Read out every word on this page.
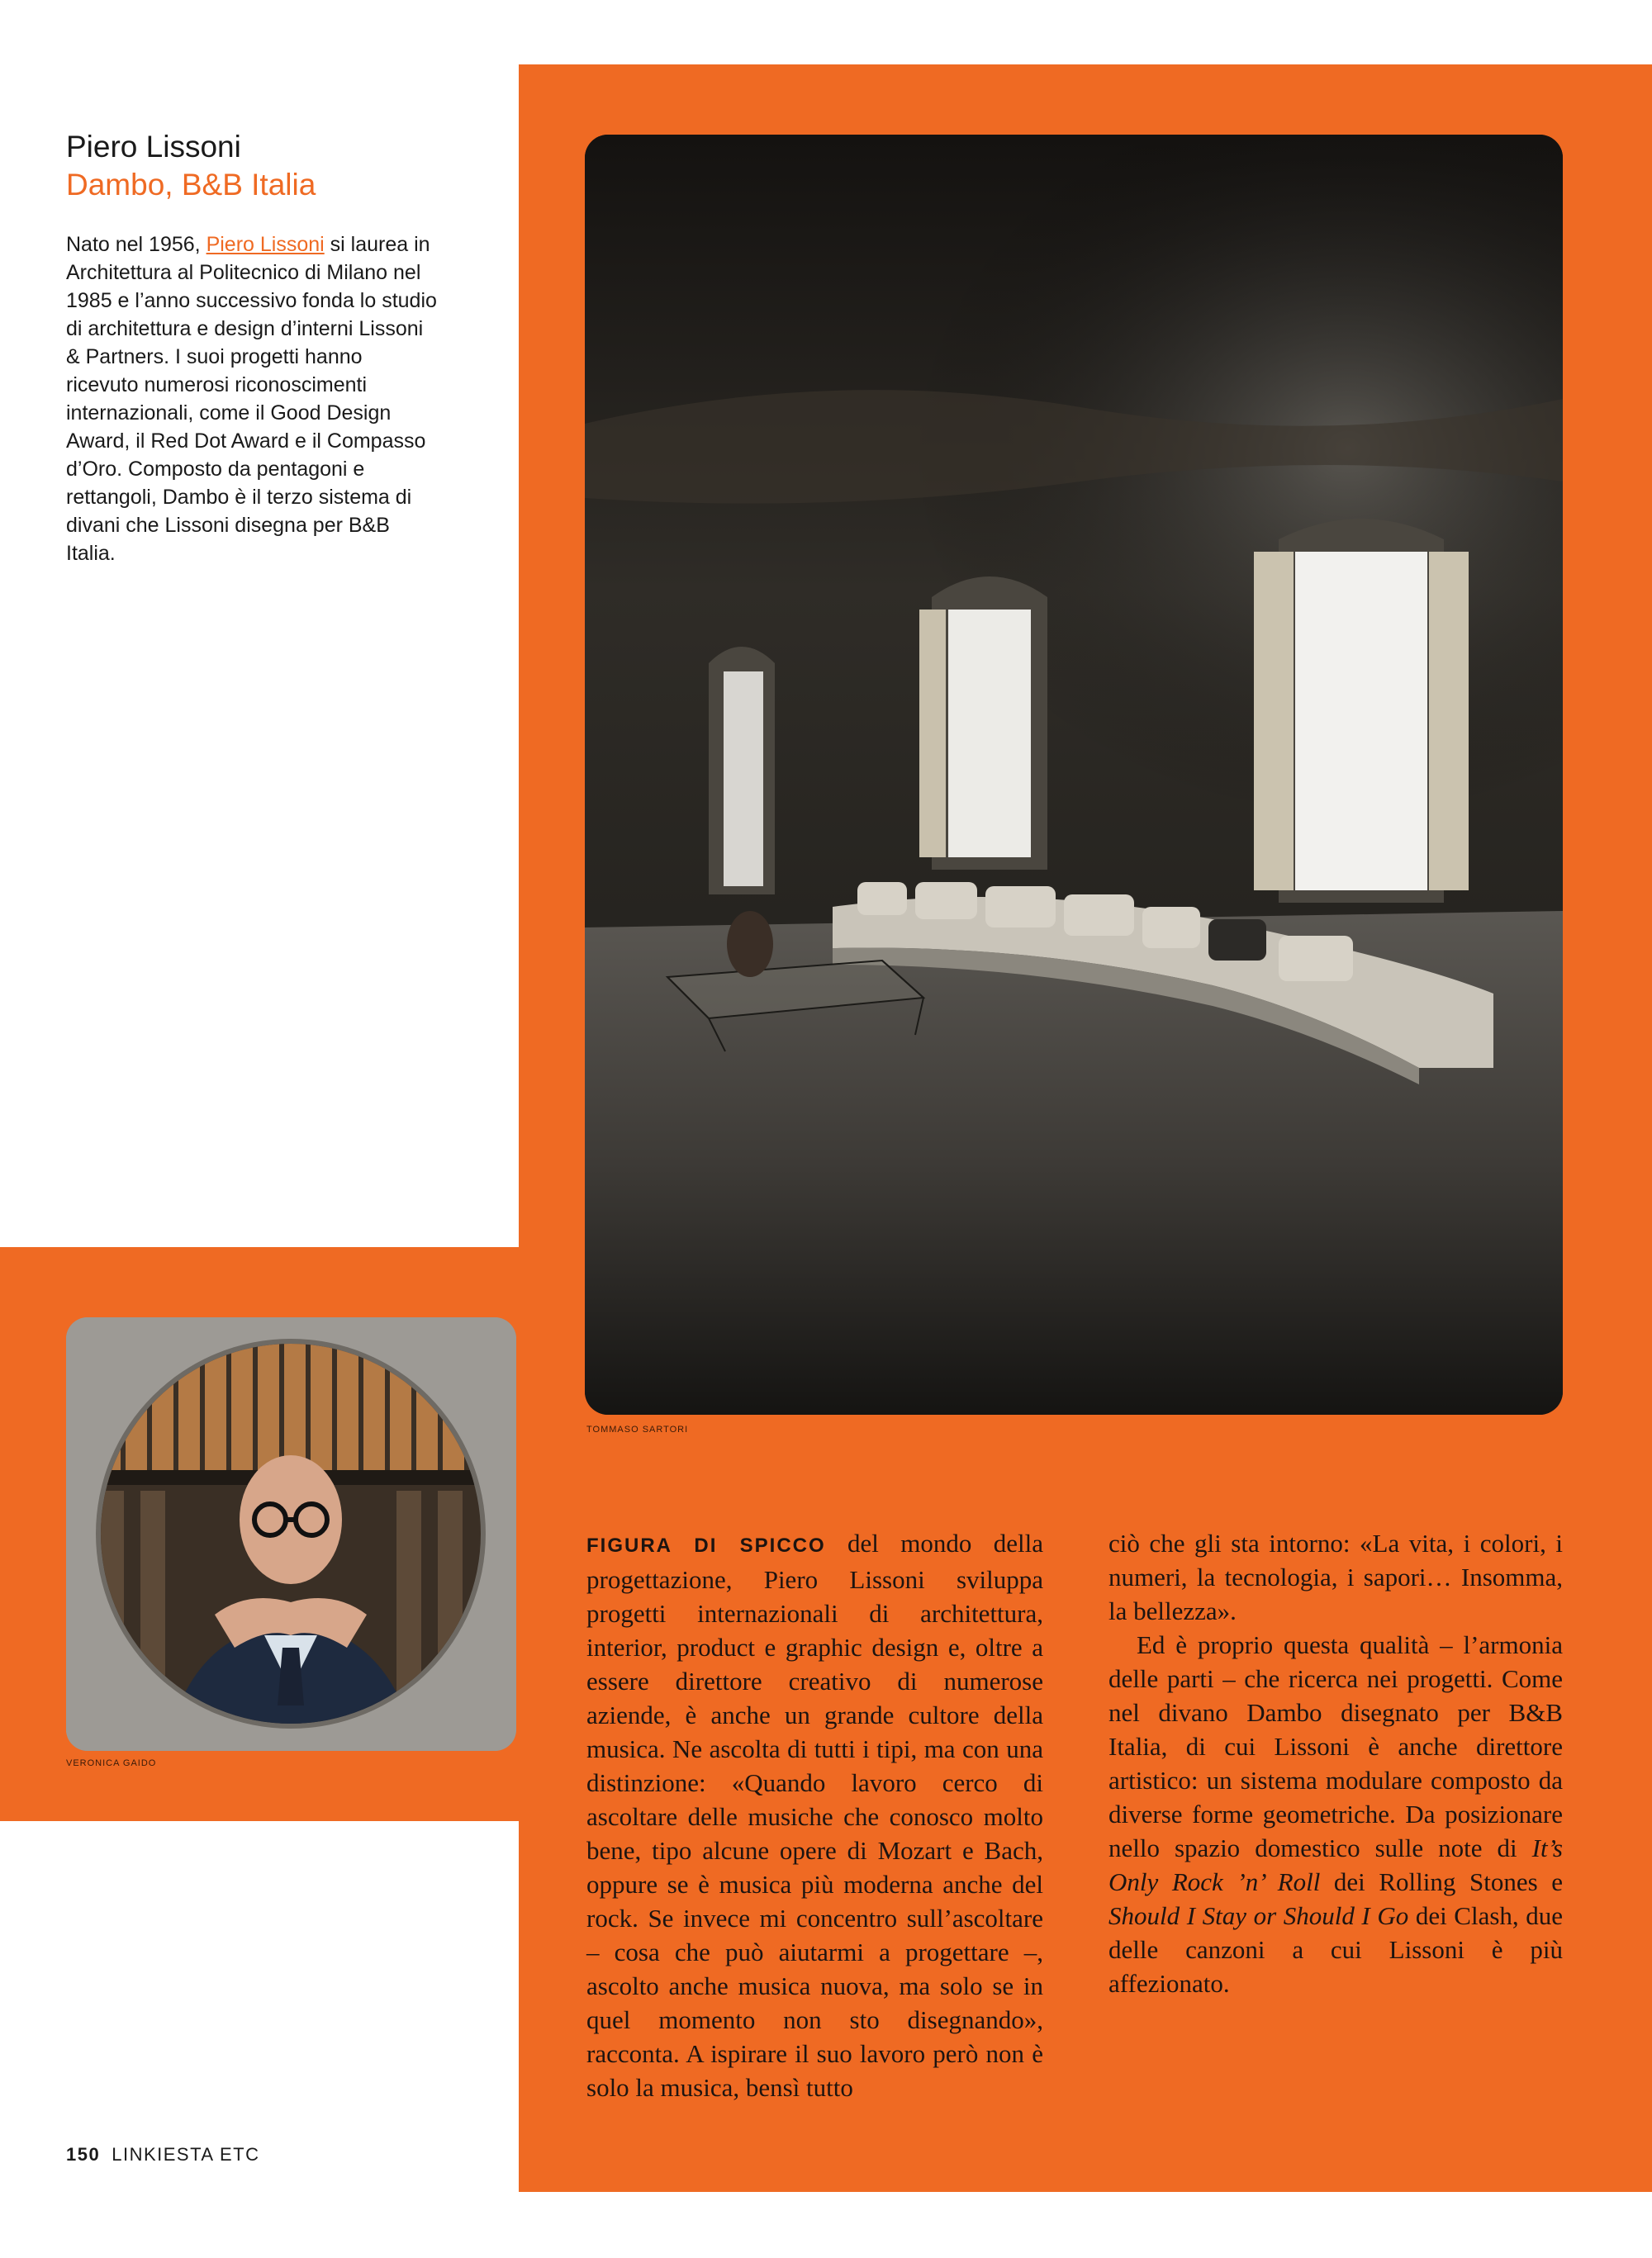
Piero Lissoni
Dambo, B&B Italia

Nato nel 1956, Piero Lissoni si laurea in Architettura al Politecnico di Milano nel 1985 e l’anno successivo fonda lo studio di architettura e design d’interni Lissoni & Partners. I suoi progetti hanno ricevuto numerosi riconoscimenti internazionali, come il Good Design Award, il Red Dot Award e il Compasso d’Oro. Composto da pentagoni e rettangoli, Dambo è il terzo sistema di divani che Lissoni disegna per B&B Italia.

TOMMASO SARTORI
VERONICA GAIDO

FIGURA DI SPICCO del mondo della progettazione, Piero Lissoni sviluppa progetti internazionali di architettura, interior, product e graphic design e, oltre a essere direttore creativo di numerose aziende, è anche un grande cultore della musica. Ne ascolta di tutti i tipi, ma con una distinzione: «Quando lavoro cerco di ascoltare delle musiche che conosco molto bene, tipo alcune opere di Mozart e Bach, oppure se è musica più moderna anche del rock. Se invece mi concentro sull’ascoltare – cosa che può aiutarmi a progettare –, ascolto anche musica nuova, ma solo se in quel momento non sto disegnando», racconta. A ispirare il suo lavoro però non è solo la musica, bensì tutto

ciò che gli sta intorno: «La vita, i colori, i numeri, la tecnologia, i sapori… Insomma, la bellezza».
Ed è proprio questa qualità – l’armonia delle parti – che ricerca nei progetti. Come nel divano Dambo disegnato per B&B Italia, di cui Lissoni è anche direttore artistico: un sistema modulare composto da diverse forme geometriche. Da posizionare nello spazio domestico sulle note di It’s Only Rock ’n’ Roll dei Rolling Stones e Should I Stay or Should I Go dei Clash, due delle canzoni a cui Lissoni è più affezionato.
150 LINKIESTA ETC
